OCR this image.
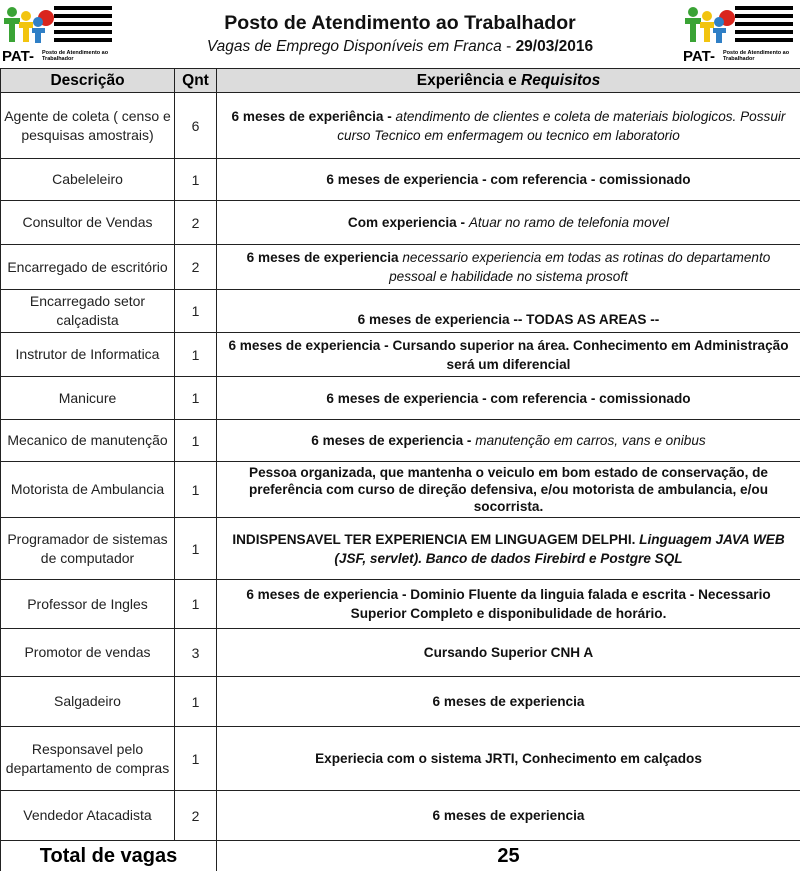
PAT- Posto de Atendimento ao Trabalhador
Posto de Atendimento ao Trabalhador
Vagas de Emprego Disponíveis em Franca - 29/03/2016
PAT- Posto de Atendimento ao Trabalhador
Descrição	Qnt	Experiência e Requisitos
Agente de coleta ( censo e pesquisas amostrais)	6	6 meses de experiência - atendimento de clientes e coleta de materiais biologicos. Possuir curso Tecnico em enfermagem ou tecnico em laboratorio
Cabeleleiro	1	6 meses de experiencia - com referencia - comissionado
Consultor de Vendas	2	Com experiencia - Atuar no ramo de telefonia movel
Encarregado de escritório	2	6 meses de experiencia necessario experiencia em todas as rotinas do departamento pessoal e habilidade no sistema prosoft
Encarregado setor calçadista	1	6 meses de experiencia -- TODAS AS AREAS --
Instrutor de Informatica	1	6 meses de experiencia - Cursando superior na área. Conhecimento em Administração será um diferencial
Manicure	1	6 meses de experiencia - com referencia - comissionado
Mecanico de manutenção	1	6 meses de experiencia - manutenção em carros, vans e onibus
Motorista de Ambulancia	1	Pessoa organizada, que mantenha o veiculo em bom estado de conservação, de preferência com curso de direção defensiva, e/ou motorista de ambulancia, e/ou socorrista.
Programador de sistemas de computador	1	INDISPENSAVEL TER EXPERIENCIA EM LINGUAGEM DELPHI. Linguagem JAVA WEB (JSF, servlet). Banco de dados Firebird e Postgre SQL
Professor de Ingles	1	6 meses de experiencia - Dominio Fluente da linguia falada e escrita - Necessario Superior Completo e disponibulidade de horário.
Promotor de vendas	3	Cursando Superior CNH A
Salgadeiro	1	6 meses de experiencia
Responsavel pelo departamento de compras	1	Experiecia com o sistema JRTI, Conhecimento em calçados
Vendedor Atacadista	2	6 meses de experiencia
Total de vagas		25
